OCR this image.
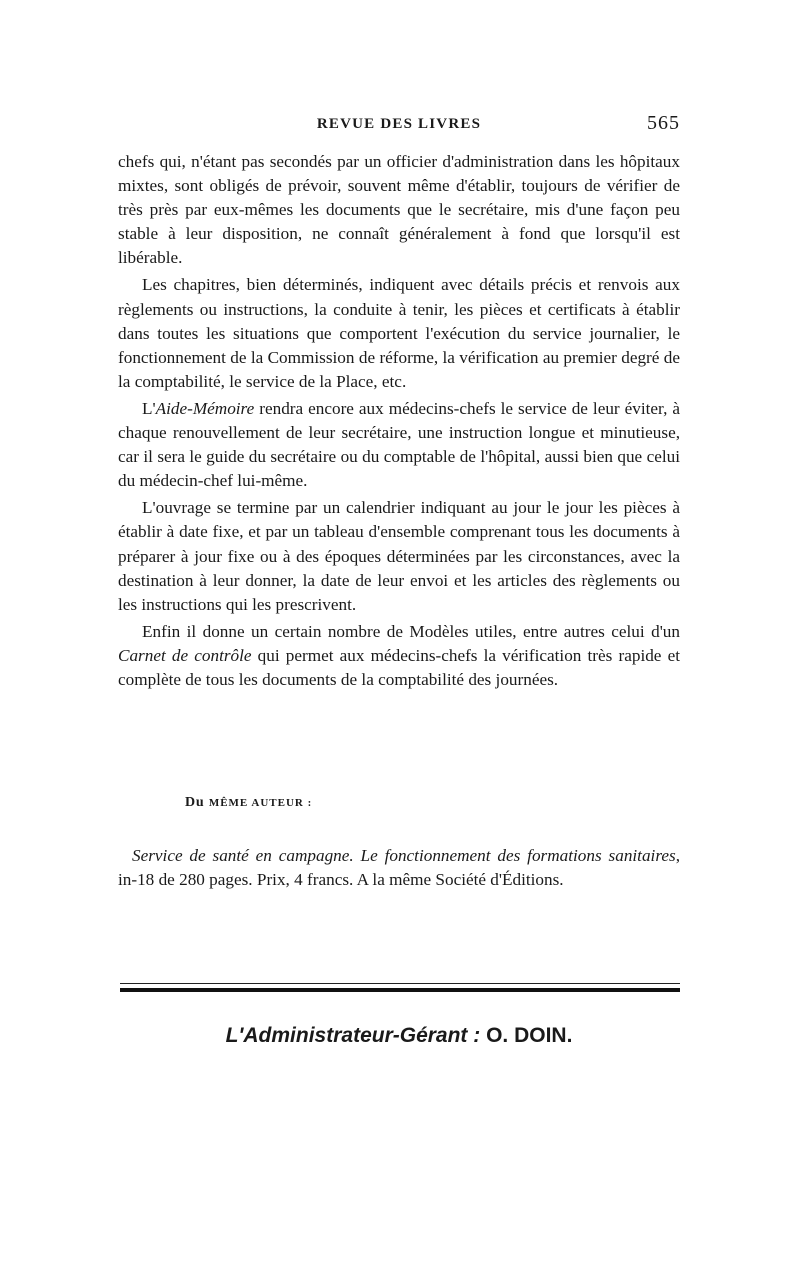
REVUE DES LIVRES	565

chefs qui, n'étant pas secondés par un officier d'administration dans les hôpitaux mixtes, sont obligés de prévoir, souvent même d'établir, toujours de vérifier de très près par eux-mêmes les documents que le secrétaire, mis d'une façon peu stable à leur disposition, ne connaît généralement à fond que lorsqu'il est libérable.

Les chapitres, bien déterminés, indiquent avec détails précis et renvois aux règlements ou instructions, la conduite à tenir, les pièces et certificats à établir dans toutes les situations que comportent l'exécution du service journalier, le fonctionnement de la Commission de réforme, la vérification au premier degré de la comptabilité, le service de la Place, etc.

L'Aide-Mémoire rendra encore aux médecins-chefs le service de leur éviter, à chaque renouvellement de leur secrétaire, une instruction longue et minutieuse, car il sera le guide du secrétaire ou du comptable de l'hôpital, aussi bien que celui du médecin-chef lui-même.

L'ouvrage se termine par un calendrier indiquant au jour le jour les pièces à établir à date fixe, et par un tableau d'ensemble comprenant tous les documents à préparer à jour fixe ou à des époques déterminées par les circonstances, avec la destination à leur donner, la date de leur envoi et les articles des règlements ou les instructions qui les prescrivent.

Enfin il donne un certain nombre de Modèles utiles, entre autres celui d'un Carnet de contrôle qui permet aux médecins-chefs la vérification très rapide et complète de tous les documents de la comptabilité des journées.

Du MÊME AUTEUR :
Service de santé en campagne. Le fonctionnement des formations sanitaires, in-18 de 280 pages. Prix, 4 francs. A la même Société d'Éditions.
L'Administrateur-Gérant : O. DOIN.
